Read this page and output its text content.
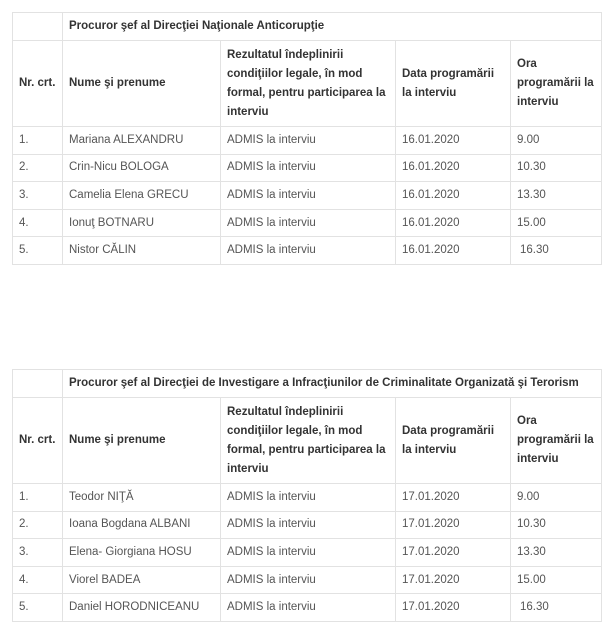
	Procuror şef al Direcţiei Naţionale Anticorupţie			
Nr. crt.	Nume şi prenume	Rezultatul îndeplinirii condiţiilor legale, în mod formal, pentru participarea la interviu	Data programării la interviu	Ora programării la interviu
1.	Mariana ALEXANDRU	ADMIS la interviu	16.01.2020	9.00
2.	Crin-Nicu BOLOGA	ADMIS la interviu	16.01.2020	10.30
3.	Camelia Elena GRECU	ADMIS la interviu	16.01.2020	13.30
4.	Ionuţ BOTNARU	ADMIS la interviu	16.01.2020	15.00
5.	Nistor CĂLIN	ADMIS la interviu	16.01.2020	16.30
	Procuror şef al Direcţiei de Investigare a Infracţiunilor de Criminalitate Organizată şi Terorism			
Nr. crt.	Nume şi prenume	Rezultatul îndeplinirii condiţiilor legale, în mod formal, pentru participarea la interviu	Data programării la interviu	Ora programării la interviu
1.	Teodor NIŢĂ	ADMIS la interviu	17.01.2020	9.00
2.	Ioana Bogdana ALBANI	ADMIS la interviu	17.01.2020	10.30
3.	Elena- Giorgiana HOSU	ADMIS la interviu	17.01.2020	13.30
4.	Viorel BADEA	ADMIS la interviu	17.01.2020	15.00
5.	Daniel HORODNICEANU	ADMIS la interviu	17.01.2020	16.30
